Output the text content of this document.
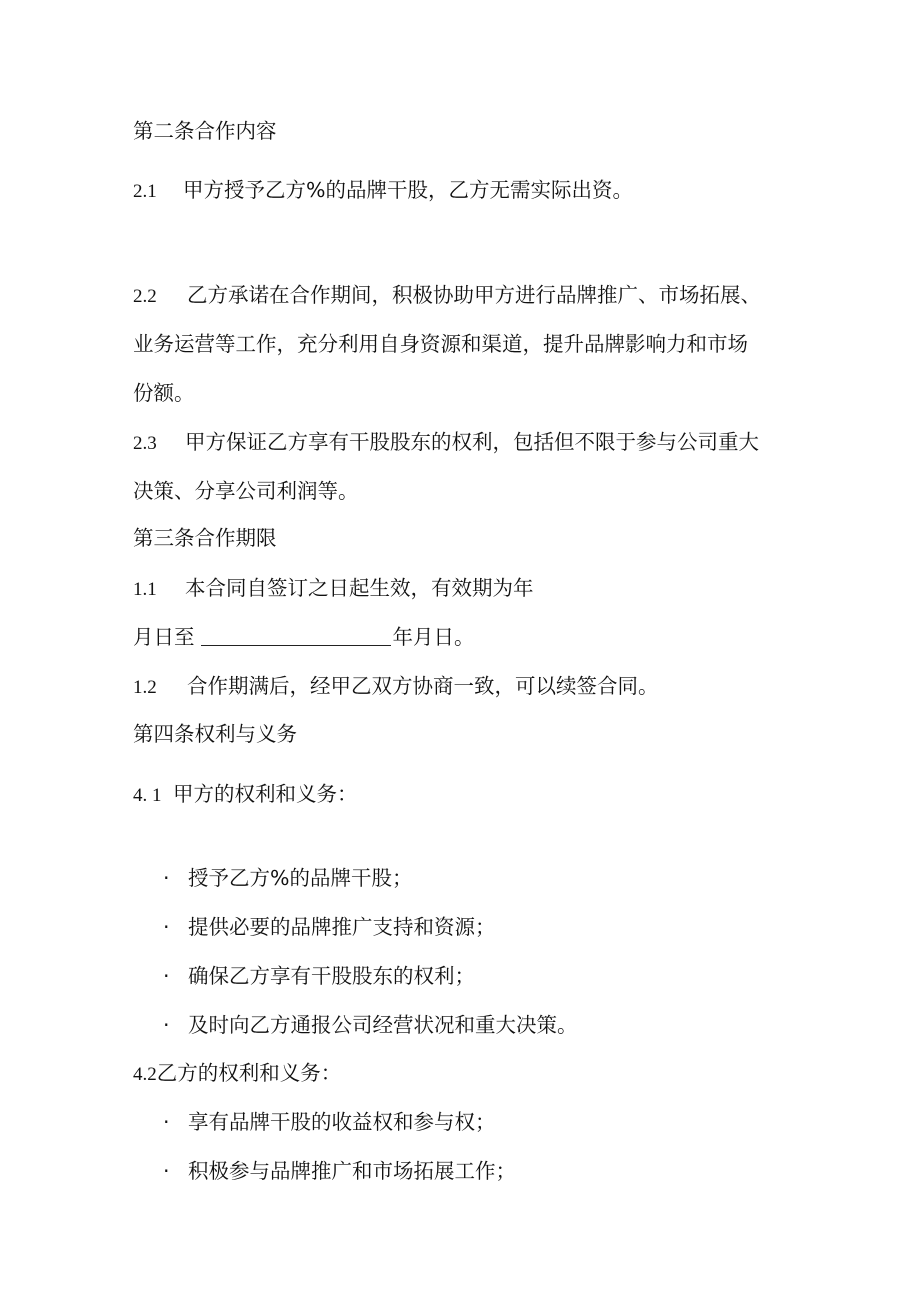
第二条合作内容
2.1 甲方授予乙方%的品牌干股，乙方无需实际出资。
2.2 乙方承诺在合作期间，积极协助甲方进行品牌推广、市场拓展、
业务运营等工作，充分利用自身资源和渠道，提升品牌影响力和市场
份额。
2.3 甲方保证乙方享有干股股东的权利，包括但不限于参与公司重大
决策、分享公司利润等。
第三条合作期限
1.1 本合同自签订之日起生效，有效期为年
月日至	年月日。
1.2 合作期满后，经甲乙双方协商一致，可以续签合同。
第四条权利与义务
4. 1 甲方的权利和义务：
· 授予乙方%的品牌干股；
· 提供必要的品牌推广支持和资源；
· 确保乙方享有干股股东的权利；
· 及时向乙方通报公司经营状况和重大决策。
4.2乙方的权利和义务：
· 享有品牌干股的收益权和参与权；
· 积极参与品牌推广和市场拓展工作；
